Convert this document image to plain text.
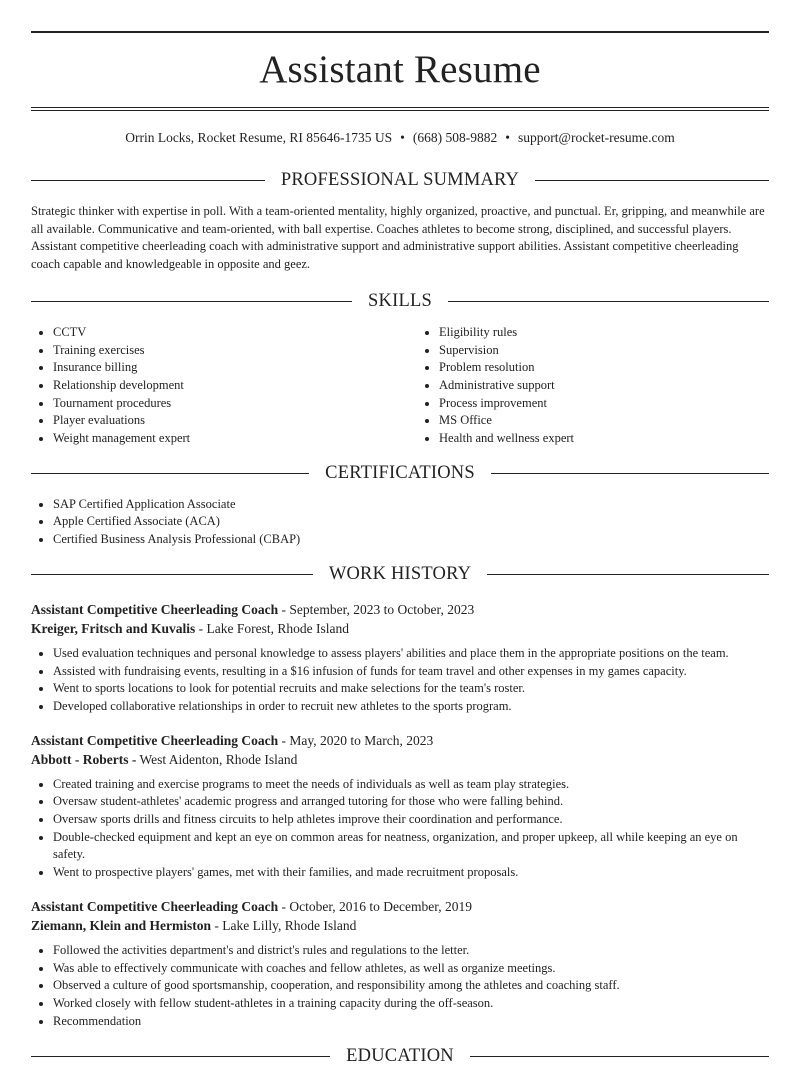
Assistant Resume
Orrin Locks, Rocket Resume, RI 85646-1735 US • (668) 508-9882 • support@rocket-resume.com
PROFESSIONAL SUMMARY

Strategic thinker with expertise in poll. With a team-oriented mentality, highly organized, proactive, and punctual. Er, gripping, and meanwhile are all available. Communicative and team-oriented, with ball expertise. Coaches athletes to become strong, disciplined, and successful players. Assistant competitive cheerleading coach with administrative support and administrative support abilities. Assistant competitive cheerleading coach capable and knowledgeable in opposite and geez.

SKILLS
• CCTV
• Training exercises
• Insurance billing
• Relationship development
• Tournament procedures
• Player evaluations
• Weight management expert
• Eligibility rules
• Supervision
• Problem resolution
• Administrative support
• Process improvement
• MS Office
• Health and wellness expert
CERTIFICATIONS
• SAP Certified Application Associate
• Apple Certified Associate (ACA)
• Certified Business Analysis Professional (CBAP)
WORK HISTORY
Assistant Competitive Cheerleading Coach - September, 2023 to October, 2023
Kreiger, Fritsch and Kuvalis - Lake Forest, Rhode Island
• Used evaluation techniques and personal knowledge to assess players' abilities and place them in the appropriate positions on the team.
• Assisted with fundraising events, resulting in a $16 infusion of funds for team travel and other expenses in my games capacity.
• Went to sports locations to look for potential recruits and make selections for the team's roster.
• Developed collaborative relationships in order to recruit new athletes to the sports program.
Assistant Competitive Cheerleading Coach - May, 2020 to March, 2023
Abbott - Roberts - West Aidenton, Rhode Island
• Created training and exercise programs to meet the needs of individuals as well as team play strategies.
• Oversaw student-athletes' academic progress and arranged tutoring for those who were falling behind.
• Oversaw sports drills and fitness circuits to help athletes improve their coordination and performance.
• Double-checked equipment and kept an eye on common areas for neatness, organization, and proper upkeep, all while keeping an eye on safety.
• Went to prospective players' games, met with their families, and made recruitment proposals.
Assistant Competitive Cheerleading Coach - October, 2016 to December, 2019
Ziemann, Klein and Hermiston - Lake Lilly, Rhode Island
• Followed the activities department's and district's rules and regulations to the letter.
• Was able to effectively communicate with coaches and fellow athletes, as well as organize meetings.
• Observed a culture of good sportsmanship, cooperation, and responsibility among the athletes and coaching staff.
• Worked closely with fellow student-athletes in a training capacity during the off-season.
• Recommendation
EDUCATION
